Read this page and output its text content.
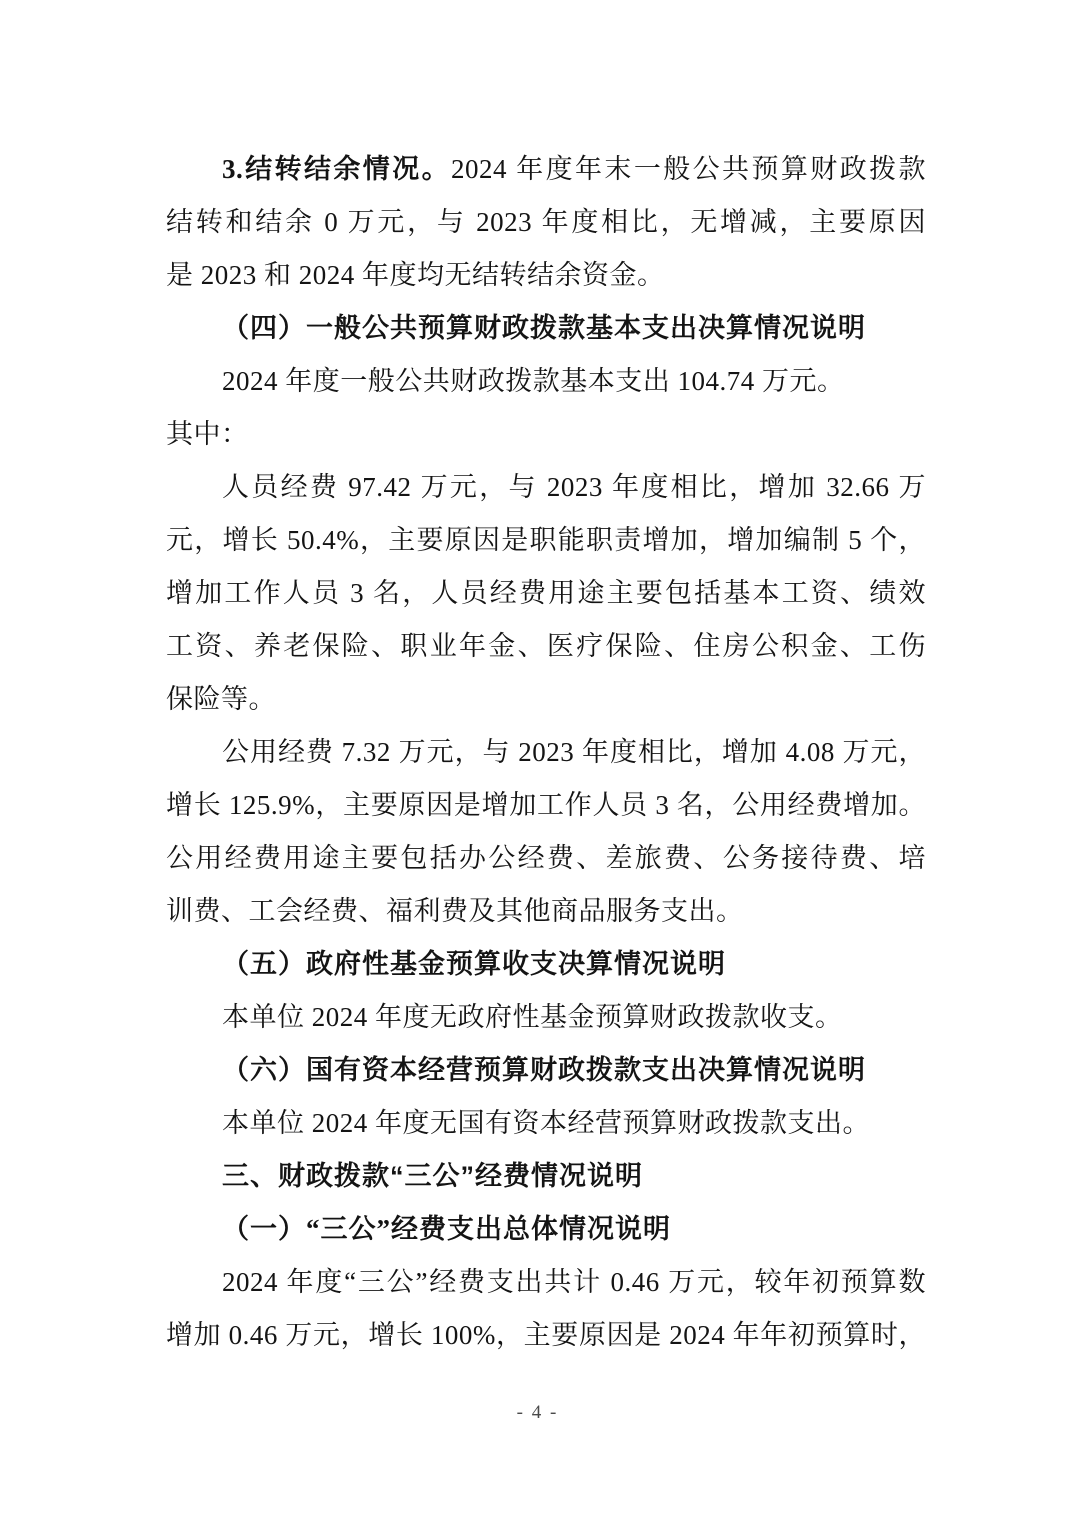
3.结转结余情况。2024 年度年末一般公共预算财政拨款
结转和结余 0 万元，与 2023 年度相比，无增减，主要原因
是 2023 和 2024 年度均无结转结余资金。
（四）一般公共预算财政拨款基本支出决算情况说明
2024 年度一般公共财政拨款基本支出 104.74 万元。
其中：
人员经费 97.42 万元，与 2023 年度相比，增加 32.66 万
元，增长 50.4%，主要原因是职能职责增加，增加编制 5 个，
增加工作人员 3 名，人员经费用途主要包括基本工资、绩效
工资、养老保险、职业年金、医疗保险、住房公积金、工伤
保险等。
公用经费 7.32 万元，与 2023 年度相比，增加 4.08 万元，
增长 125.9%，主要原因是增加工作人员 3 名，公用经费增加。
公用经费用途主要包括办公经费、差旅费、公务接待费、培
训费、工会经费、福利费及其他商品服务支出。
（五）政府性基金预算收支决算情况说明
本单位 2024 年度无政府性基金预算财政拨款收支。
（六）国有资本经营预算财政拨款支出决算情况说明
本单位 2024 年度无国有资本经营预算财政拨款支出。
三、财政拨款“三公”经费情况说明
（一）“三公”经费支出总体情况说明
2024 年度“三公”经费支出共计 0.46 万元，较年初预算数
增加 0.46 万元，增长 100%，主要原因是 2024 年年初预算时，
- 4 -
